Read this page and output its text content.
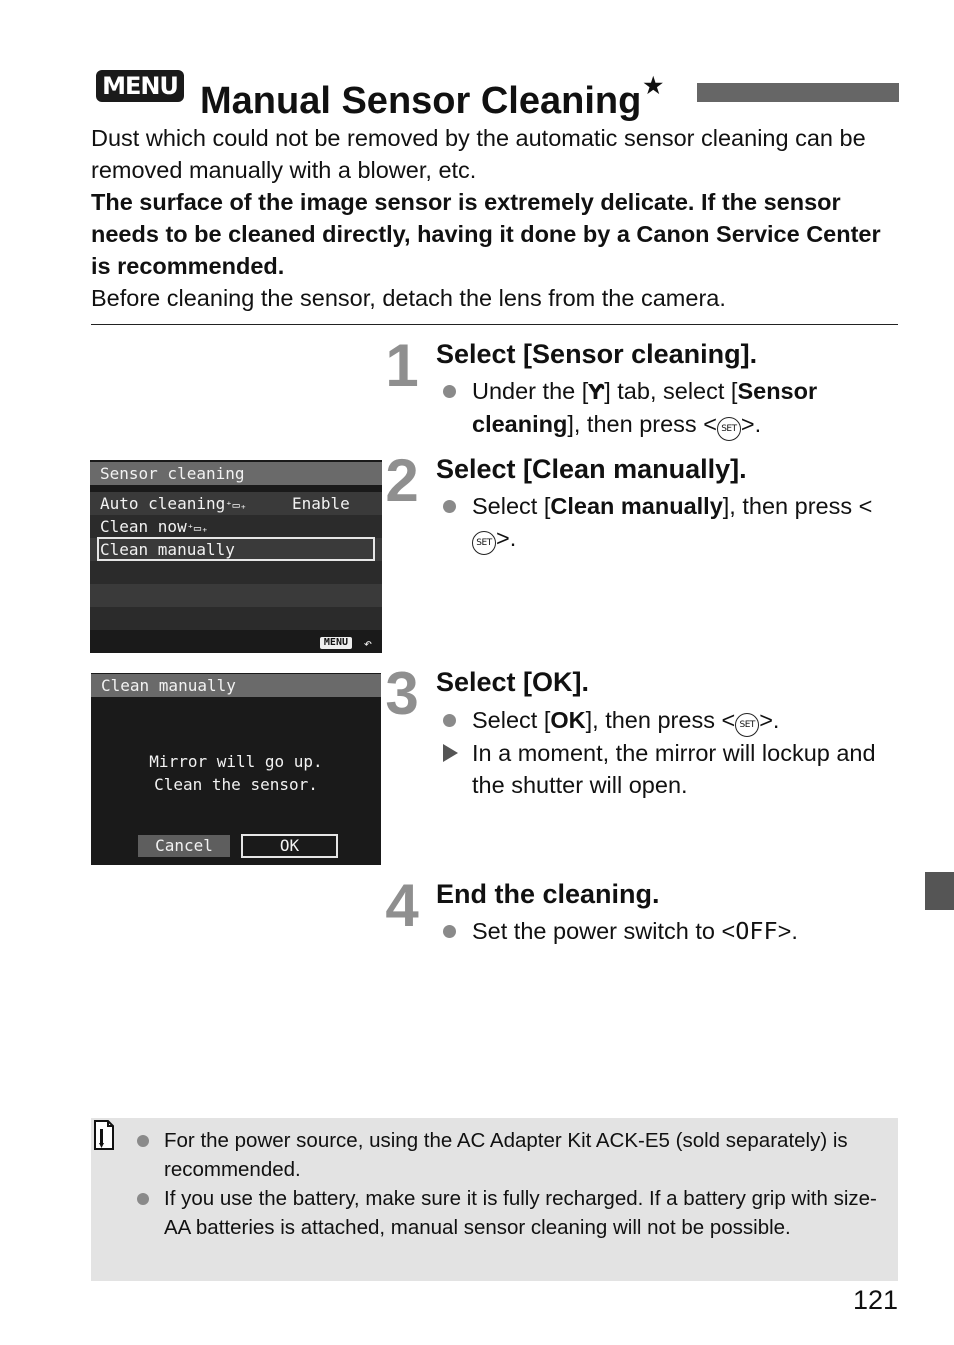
MENU Manual Sensor Cleaning★

Dust which could not be removed by the automatic sensor cleaning can be removed manually with a blower, etc.

The surface of the image sensor is extremely delicate. If the sensor needs to be cleaned directly, having it done by a Canon Service Center is recommended.

Before cleaning the sensor, detach the lens from the camera.

1 Select [Sensor cleaning].
Under the [Ƴ] tab, select [Sensor cleaning], then press < SET >.
Sensor cleaning
Auto cleaning⁺▭₊	Enable
Clean now⁺▭₊
Clean manually
MENU ↶
2 Select [Clean manually].
Select [Clean manually], then press <SET >.
Clean manually
Mirror will go up.
Clean the sensor.
Cancel	OK
3 Select [OK].
Select [OK], then press < SET >.
In a moment, the mirror will lockup and the shutter will open.
4 End the cleaning.
Set the power switch to <OFF>.
For the power source, using the AC Adapter Kit ACK-E5 (sold separately) is recommended.
If you use the battery, make sure it is fully recharged. If a battery grip with size-AA batteries is attached, manual sensor cleaning will not be possible.
121
